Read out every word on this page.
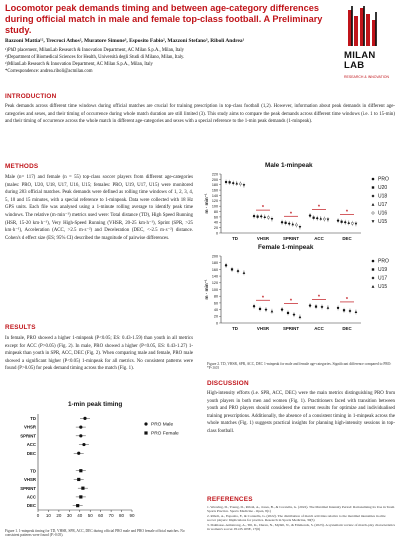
Locomotor peak demands timing and between age-category differences during official match in male and female top-class football. A Preliminary study.
Bazzoni Mattia¹², Trecroci Athos², Muratore Simone³, Esposito Fabio², Mazzoni Stefano³, Riboli Andrea¹
¹)PhD placement, MilanLab Research & Innovation Department, AC Milan S.p.A., Milan, Italy
²)Department of Biomedical Sciences for Health, Università degli Studi di Milano, Milan, Italy.
³)MilanLab Research & Innovation Department, AC Milan S.p.A., Milan, Italy
*Correspondence: andrea.riboli@acmilan.com
MILAN
LAB
RESEARCH & INNOVATION
INTRODUCTION
Peak demands across different time windows during official matches are crucial for training prescription in top-class football (1,2). However, information about peak demands in different age-categories and sexes, and their timing of occurrence during whole match duration are still limited (3). This study aims to compare the peak demands across different time windows (i.e. 1 to 15-min) and their timing of occurrence across the whole match in different age-categories and sexes with a special reference to the 1-min peak demands (1-minpeak).
METHODS
Male (n= 117) and female (n = 55) top-class soccer players from different age-categories (males: PRO, U20, U18, U17, U16, U15; females: PRO, U19, U17, U15) were monitored during 283 official matches. Peak demands were defined as rolling time windows of 1, 2, 3, 4, 5, 10 and 15 minutes, with a special reference to 1-minpeak. Data were collected with 18 Hz GPS units. Each file was analysed using a 1-minute rolling average to identify peak time windows. The relative (m·min⁻¹) metrics used were: Total distance (TD), High Speed Running (HSR, 15-20 km·h⁻¹), Very High-Speed Running (VHSR, 20-25 km·h⁻¹), Sprint (SPR, >25 km·h⁻¹), Acceleration (ACC, >2.5 m·s⁻²) and Deceleration (DEC, <-2.5 m·s⁻²) distance. Cohen's d effect size (ES; 95% CI) described the magnitude of pairwise differences.
RESULTS
In female, PRO showed a higher 1-minpeak (P<0.05; ES: 0.43-1.59) than youth in all metrics except for ACC (P>0.05) (Fig. 2). In male, PRO showed a higher (P<0.05, ES: 0.43-1.27) 1-minpeak than youth in SPR, ACC, DEC (Fig. 2). When comparing male and female, PRO male showed a significant higher (P<0.05) 1-minpeak for all metrics. No consistent patterns were found (P>0.05) for peak demand timing across the match (Fig. 1).
1-min peak timing
0 10 20 30 40 50 60 70 80 90
TD
VHSR
SPRINT
ACC
DEC
TD
VHSR
SPRINT
ACC
DEC
PRO Male
PRO Female
Figure 1. 1-minpeak timing for TD, VHSR, SPR, ACC, DEC during official PRO male and PRO female official matches. No consistent patterns were found (P>0.05).
Male 1-minpeak
m · min⁻¹
0
20
40
60
80
100
120
140
160
180
200
220
TD	VHSR
*
SPRINT
*
ACC
*
DEC
*
PRO
U20
U18
U17
U16
U15
Female 1-minpeak
m · min⁻¹
0
20
40
60
80
100
120
140
160
180
200
TD	VHSR
*
SPRINT
*
ACC
*
DEC
*
PRO
U19
U17
U15
Figure 2. TD, VHSR, SPR, ACC, DEC 1-minpeak for male and female age-categories. Significant difference compared to PRO: *P<0.05
DISCUSSION
High-intensity efforts (i.e. SPR, ACC, DEC) were the main metrics distinguishing PRO from youth players in both men and women (Fig. 1). Practitioners faced with transition between youth and PRO players should considered the current results for optimize and individualised training prescriptions. Additionally, the absence of a consistent timing in 1-minpeak across the whole matches (Fig. 1) suggests practical insights for planning high-intensity sessions in top-class football.
REFERENCES
1. Weaving, D., Young, D., Riboli, A., Jones, B., & Coratella, G. (2022). The Maximal Intensity Period: Rationalising its Use in Team Sports Practice. Sports Medicine - Open, 8(1)
2. Riboli, A., Esposito, F., & Coratella, G. (2022). The distribution of match activities relative to the maximal intensities in elite soccer players: Implications for practice. Research in Sports Medicine, 30(5)
3. Dalmasso-Armstrong, A., Till, K., Duran, N., Myhill, N., & Emmonds, S. (2023). A systematic review of match-play characteristics in women's soccer. PLOS ONE, 17(6)
